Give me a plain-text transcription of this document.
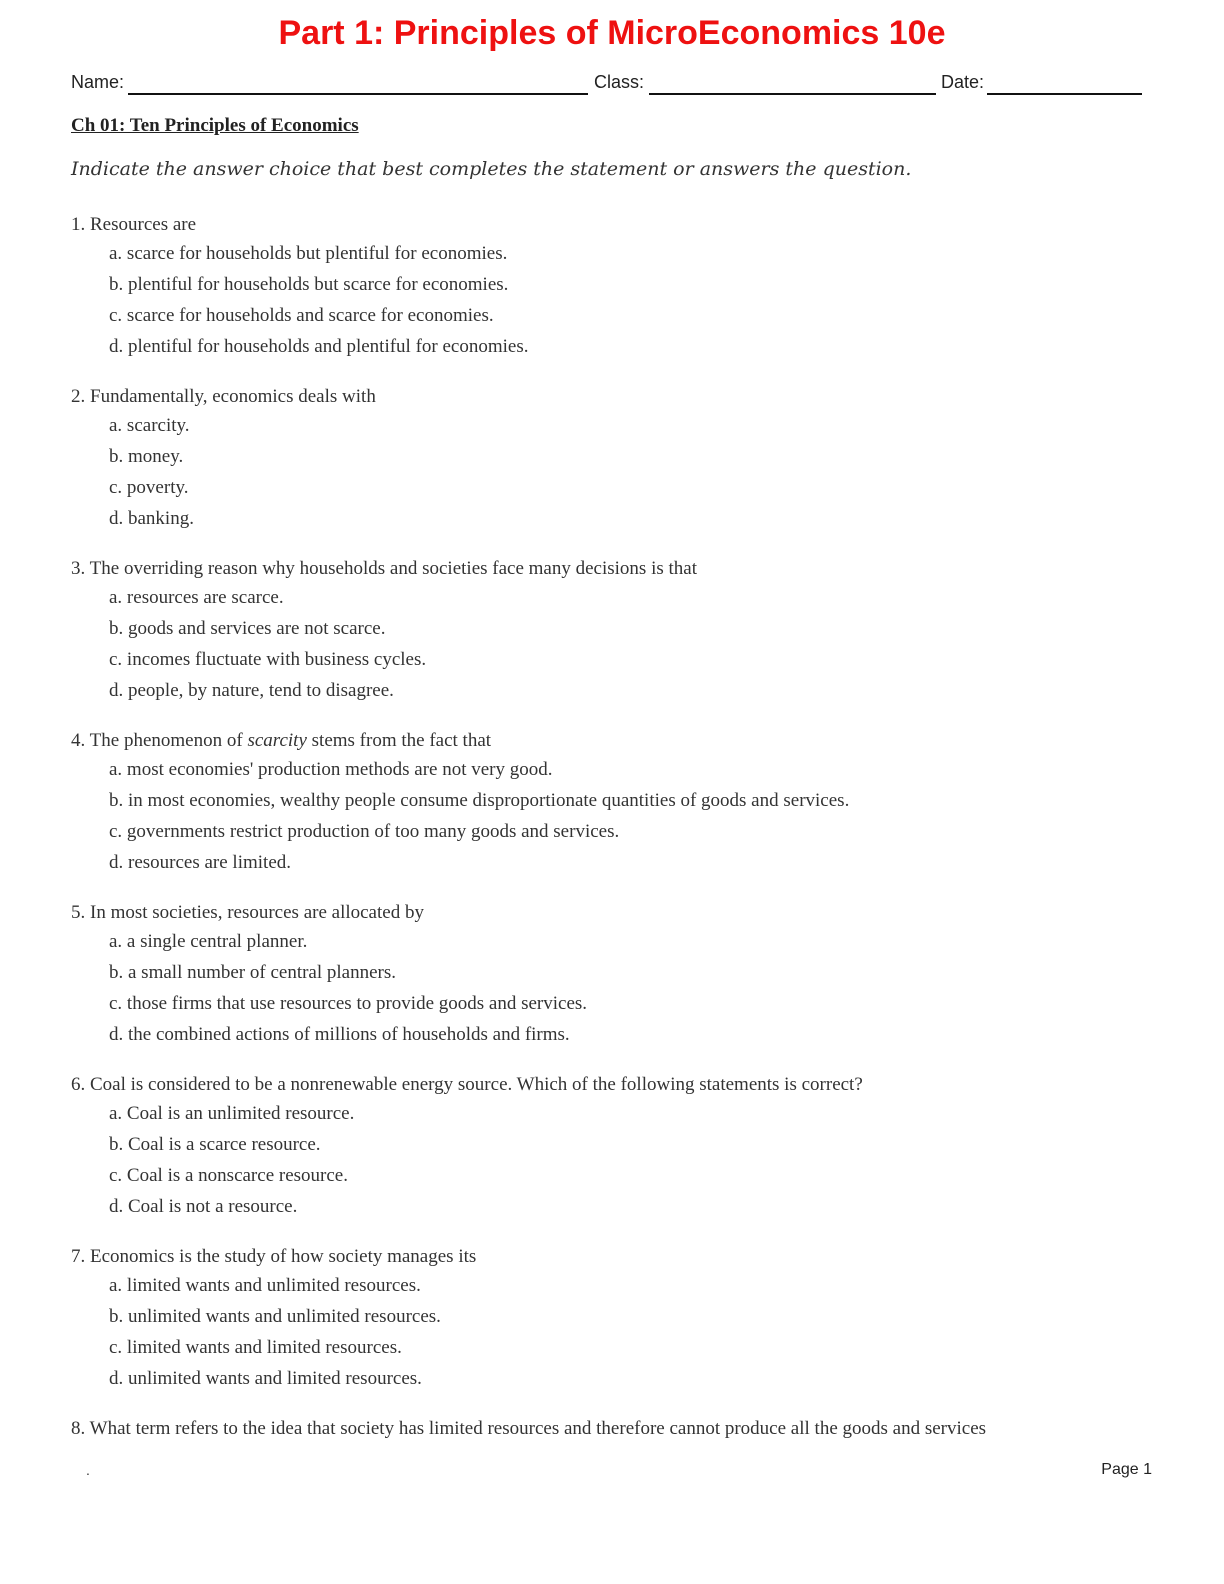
Part 1: Principles of MicroEconomics 10e
Name:	Class:	Date:
Ch 01: Ten Principles of Economics

Indicate the answer choice that best completes the statement or answers the question.

1. Resources are
a. scarce for households but plentiful for economies.
b. plentiful for households but scarce for economies.
c. scarce for households and scarce for economies.
d. plentiful for households and plentiful for economies.
2. Fundamentally, economics deals with
a. scarcity.
b. money.
c. poverty.
d. banking.
3. The overriding reason why households and societies face many decisions is that
a. resources are scarce.
b. goods and services are not scarce.
c. incomes fluctuate with business cycles.
d. people, by nature, tend to disagree.
4. The phenomenon of scarcity stems from the fact that
a. most economies' production methods are not very good.
b. in most economies, wealthy people consume disproportionate quantities of goods and services.
c. governments restrict production of too many goods and services.
d. resources are limited.
5. In most societies, resources are allocated by
a. a single central planner.
b. a small number of central planners.
c. those firms that use resources to provide goods and services.
d. the combined actions of millions of households and firms.
6. Coal is considered to be a nonrenewable energy source. Which of the following statements is correct?
a. Coal is an unlimited resource.
b. Coal is a scarce resource.
c. Coal is a nonscarce resource.
d. Coal is not a resource.
7. Economics is the study of how society manages its
a. limited wants and unlimited resources.
b. unlimited wants and unlimited resources.
c. limited wants and limited resources.
d. unlimited wants and limited resources.
8. What term refers to the idea that society has limited resources and therefore cannot produce all the goods and services
.	Page 1
